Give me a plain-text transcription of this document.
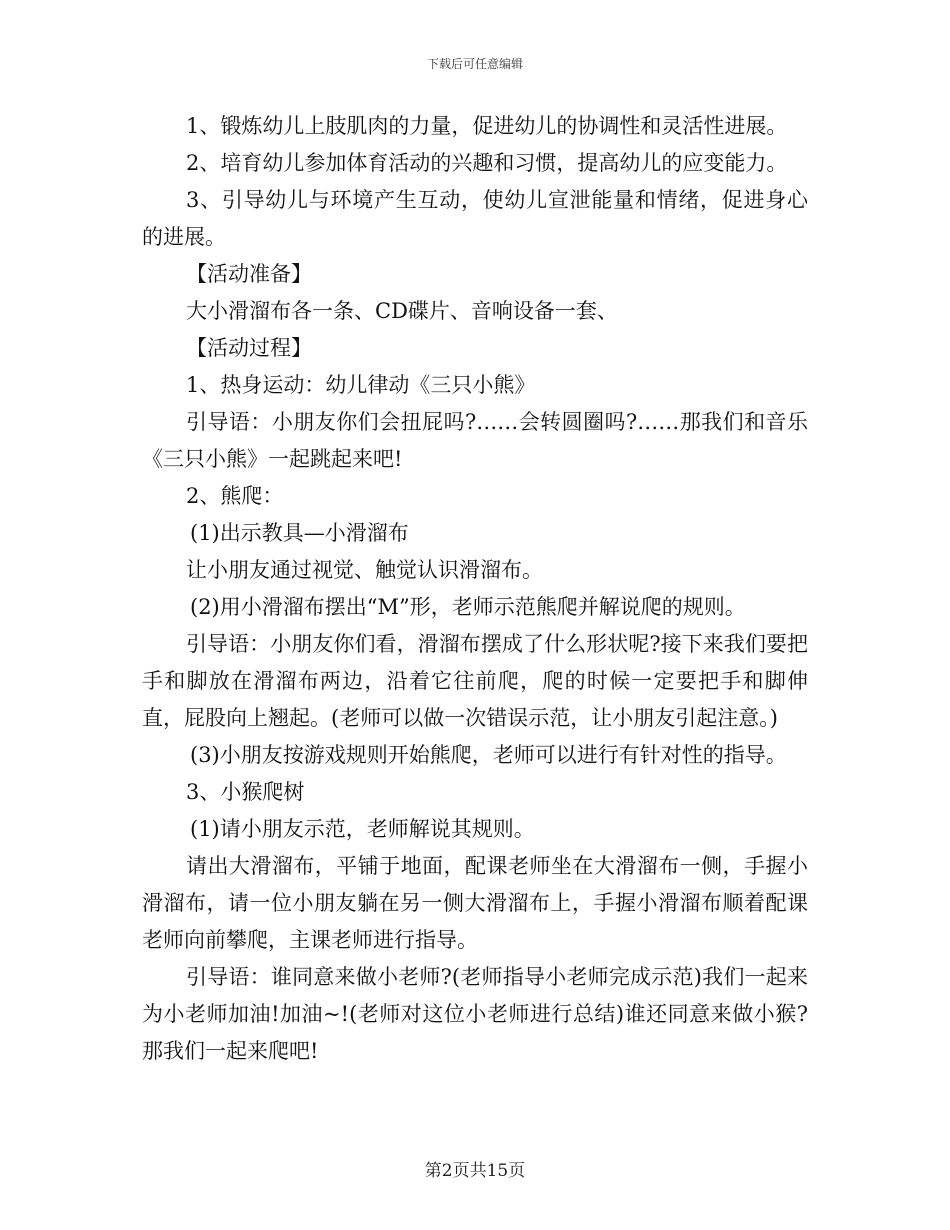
下载后可任意编辑

1、锻炼幼儿上肢肌肉的力量，促进幼儿的协调性和灵活性进展。

2、培育幼儿参加体育活动的兴趣和习惯，提高幼儿的应变能力。

3、引导幼儿与环境产生互动，使幼儿宣泄能量和情绪，促进身心的进展。

【活动准备】

大小滑溜布各一条、CD碟片、音响设备一套、

【活动过程】

1、热身运动：幼儿律动《三只小熊》

引导语：小朋友你们会扭屁吗?……会转圆圈吗?……那我们和音乐《三只小熊》一起跳起来吧!

2、熊爬：

(1)出示教具—小滑溜布

让小朋友通过视觉、触觉认识滑溜布。

(2)用小滑溜布摆出“M”形，老师示范熊爬并解说爬的规则。

引导语：小朋友你们看，滑溜布摆成了什么形状呢?接下来我们要把手和脚放在滑溜布两边，沿着它往前爬，爬的时候一定要把手和脚伸直，屁股向上翘起。(老师可以做一次错误示范，让小朋友引起注意。)

(3)小朋友按游戏规则开始熊爬，老师可以进行有针对性的指导。

3、小猴爬树

(1)请小朋友示范，老师解说其规则。

请出大滑溜布，平铺于地面，配课老师坐在大滑溜布一侧，手握小滑溜布，请一位小朋友躺在另一侧大滑溜布上，手握小滑溜布顺着配课老师向前攀爬，主课老师进行指导。

引导语：谁同意来做小老师?(老师指导小老师完成示范)我们一起来为小老师加油!加油~!(老师对这位小老师进行总结)谁还同意来做小猴?那我们一起来爬吧!

第2页共15页
